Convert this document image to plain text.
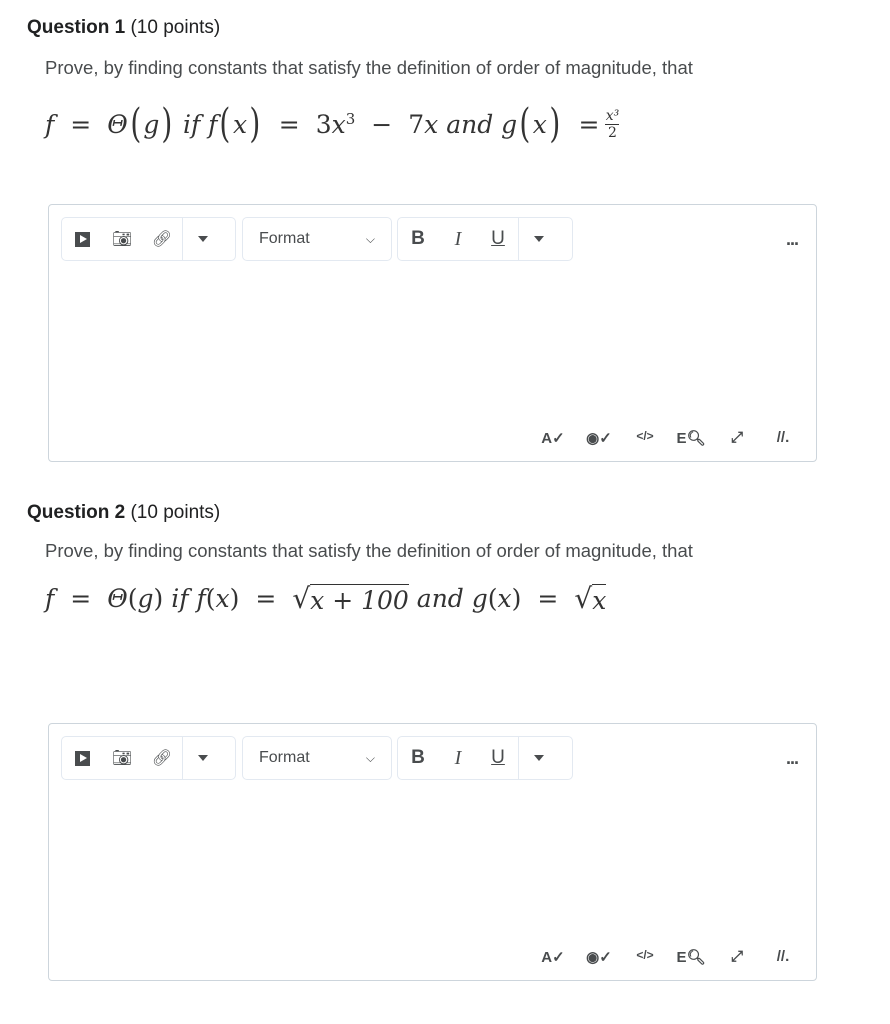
Question 1 (10 points)
Prove, by finding constants that satisfy the definition of order of magnitude, that
f = Θ ( g ) if
f ( x ) = 3 $x^3 - 7$ x
and
g ( x ) = $\frac{\text{x³}}{2}$
📷︎ 🔗︎	Format	⌵	B	I	U	...
A✓ ◉✓	</>	E🔍︎ ⤢ //.
Question 2 (10 points)
Prove, by finding constants that satisfy the definition of order of magnitude, that
f = Θ ( g ) if
f ( x ) = √ x + 100
and
g ( x ) = √ x
📷︎ 🔗︎	Format	⌵	B	I	U	...
A✓ ◉✓	</>	E🔍︎ ⤢ //.
